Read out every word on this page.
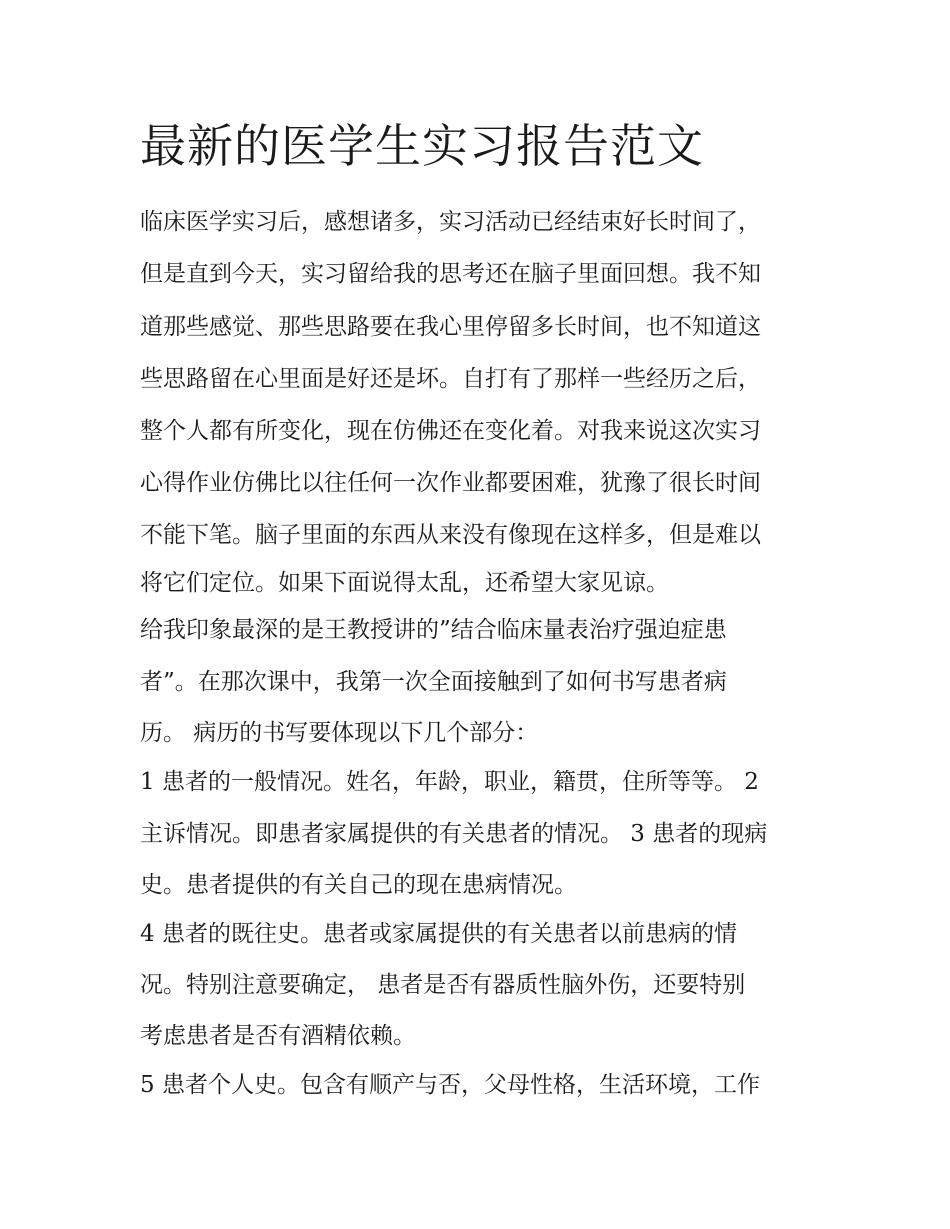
最新的医学生实习报告范文

临床医学实习后，感想诸多，实习活动已经结束好长时间了，

但是直到今天，实习留给我的思考还在脑子里面回想。我不知

道那些感觉、那些思路要在我心里停留多长时间，也不知道这

些思路留在心里面是好还是坏。自打有了那样一些经历之后，

整个人都有所变化，现在仿佛还在变化着。对我来说这次实习

心得作业仿佛比以往任何一次作业都要困难，犹豫了很长时间

不能下笔。脑子里面的东西从来没有像现在这样多，但是难以

将它们定位。如果下面说得太乱，还希望大家见谅。

给我印象最深的是王教授讲的”结合临床量表治疗强迫症患

者”。在那次课中，我第一次全面接触到了如何书写患者病

历。 病历的书写要体现以下几个部分：

1 患者的一般情况。姓名，年龄，职业，籍贯，住所等等。 2

主诉情况。即患者家属提供的有关患者的情况。 3 患者的现病

史。患者提供的有关自己的现在患病情况。

4 患者的既往史。患者或家属提供的有关患者以前患病的情

况。特别注意要确定， 患者是否有器质性脑外伤，还要特别

考虑患者是否有酒精依赖。

5 患者个人史。包含有顺产与否，父母性格，生活环境，工作
